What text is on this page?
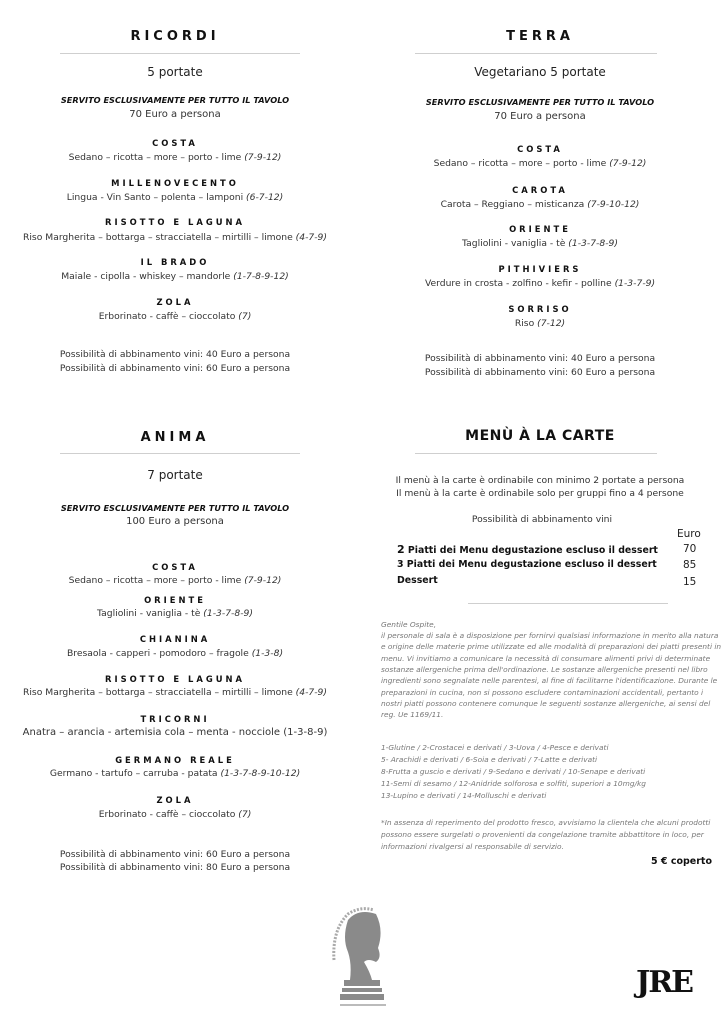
RICORDI
5 portate
SERVITO ESCLUSIVAMENTE PER TUTTO IL TAVOLO
70 Euro a persona
COSTA
Sedano – ricotta – more – porto - lime (7-9-12)
MILLENOVECENTO
Lingua - Vin Santo – polenta – lamponi (6-7-12)
RISOTTO E LAGUNA
Riso Margherita – bottarga – stracciatella – mirtilli – limone (4-7-9)
IL BRADO
Maiale - cipolla - whiskey – mandorle (1-7-8-9-12)
ZOLA
Erborinato - caffè – cioccolato (7)
Possibilità di abbinamento vini: 40 Euro a persona
Possibilità di abbinamento vini: 60 Euro a persona
ANIMA
7 portate
SERVITO ESCLUSIVAMENTE PER TUTTO IL TAVOLO
100 Euro a persona
COSTA
Sedano – ricotta – more – porto - lime (7-9-12)
ORIENTE
Tagliolini - vaniglia - tè (1-3-7-8-9)
CHIANINA
Bresaola - capperi - pomodoro – fragole (1-3-8)
RISOTTO E LAGUNA
Riso Margherita – bottarga – stracciatella – mirtilli – limone (4-7-9)
TRICORNI
Anatra – arancia - artemisia cola – menta - nocciole (1-3-8-9)
GERMANO REALE
Germano - tartufo – carruba - patata (1-3-7-8-9-10-12)
ZOLA
Erborinato - caffè – cioccolato (7)
Possibilità di abbinamento vini: 60 Euro a persona
Possibilità di abbinamento vini: 80 Euro a persona
TERRA
Vegetariano 5 portate
SERVITO ESCLUSIVAMENTE PER TUTTO IL TAVOLO
70 Euro a persona
COSTA
Sedano – ricotta – more – porto - lime (7-9-12)
CAROTA
Carota – Reggiano – misticanza (7-9-10-12)
ORIENTE
Tagliolini - vaniglia - tè (1-3-7-8-9)
PITHIVIERS
Verdure in crosta - zolfino - kefir - polline (1-3-7-9)
SORRISO
Riso (7-12)
Possibilità di abbinamento vini: 40 Euro a persona
Possibilità di abbinamento vini: 60 Euro a persona
MENÙ À LA CARTE
Il menù à la carte è ordinabile con minimo 2 portate a persona
Il menù à la carte è ordinabile solo per gruppi fino a 4 persone
Possibilità di abbinamento vini
Euro
2 Piatti dei Menu degustazione escluso il dessert 70
3 Piatti dei Menu degustazione escluso il dessert 85
Dessert	15
Gentile Ospite,
il personale di sala è a disposizione per fornirvi qualsiasi informazione in merito alla natura
e origine delle materie prime utilizzate ed alle modalità di preparazioni dei piatti presenti in
menu. Vi invitiamo a comunicare la necessità di consumare alimenti privi di determinate
sostanze allergeniche prima dell'ordinazione. Le sostanze allergeniche presenti nel libro
ingredienti sono segnalate nelle parentesi, al fine di facilitarne l'identificazione. Durante le
preparazioni in cucina, non si possono escludere contaminazioni accidentali, pertanto i
nostri piatti possono contenere comunque le seguenti sostanze allergeniche, ai sensi del
reg. Ue 1169/11.
1-Glutine / 2-Crostacei e derivati / 3-Uova / 4-Pesce e derivati
5- Arachidi e derivati / 6-Soia e derivati / 7-Latte e derivati
8-Frutta a guscio e derivati / 9-Sedano e derivati / 10-Senape e derivati
11-Semi di sesamo / 12-Anidride solforosa e solfiti, superiori a 10mg/kg
13-Lupino e derivati / 14-Molluschi e derivati
*In assenza di reperimento del prodotto fresco, avvisiamo la clientela che alcuni prodotti
possono essere surgelati o provenienti da congelazione tramite abbattitore in loco, per
informazioni rivalgersi al responsabile di servizio.
5 € coperto
JRE
